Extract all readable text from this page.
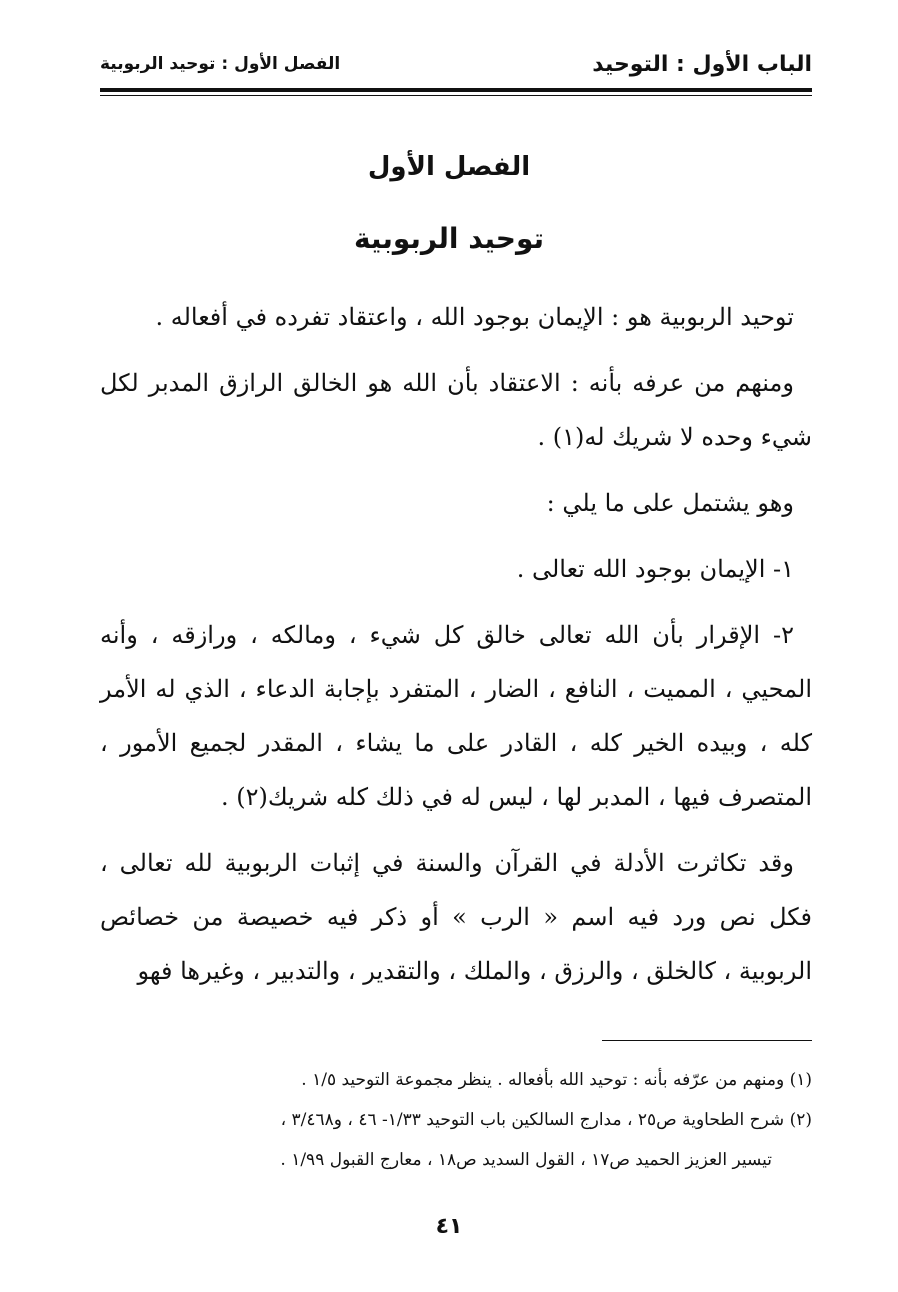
الباب الأول : التوحيد
الفصل الأول : توحيد الربوبية
الفصل الأول
توحيد الربوبية

توحيد الربوبية هو : الإيمان بوجود الله ، واعتقاد تفرده في أفعاله .

ومنهم من عرفه بأنه : الاعتقاد بأن الله هو الخالق الرازق المدبر لكل شيء وحده لا شريك له(١) .

وهو يشتمل على ما يلي :

١- الإيمان بوجود الله تعالى .

٢- الإقرار بأن الله تعالى خالق كل شيء ، ومالكه ، ورازقه ، وأنه المحيي ، المميت ، النافع ، الضار ، المتفرد بإجابة الدعاء ، الذي له الأمر كله ، وبيده الخير كله ، القادر على ما يشاء ، المقدر لجميع الأمور ، المتصرف فيها ، المدبر لها ، ليس له في ذلك كله شريك(٢) .

وقد تكاثرت الأدلة في القرآن والسنة في إثبات الربوبية لله تعالى ، فكل نص ورد فيه اسم « الرب » أو ذكر فيه خصيصة من خصائص الربوبية ، كالخلق ، والرزق ، والملك ، والتقدير ، والتدبير ، وغيرها فهو

(١) ومنهم من عرّفه بأنه : توحيد الله بأفعاله . ينظر مجموعة التوحيد ١/٥ .

(٢) شرح الطحاوية ص٢٥ ، مدارج السالكين باب التوحيد ١/٣٣- ٤٦ ، و٣/٤٦٨ ،

تيسير العزيز الحميد ص١٧ ، القول السديد ص١٨ ، معارج القبول ١/٩٩ .

٤١
